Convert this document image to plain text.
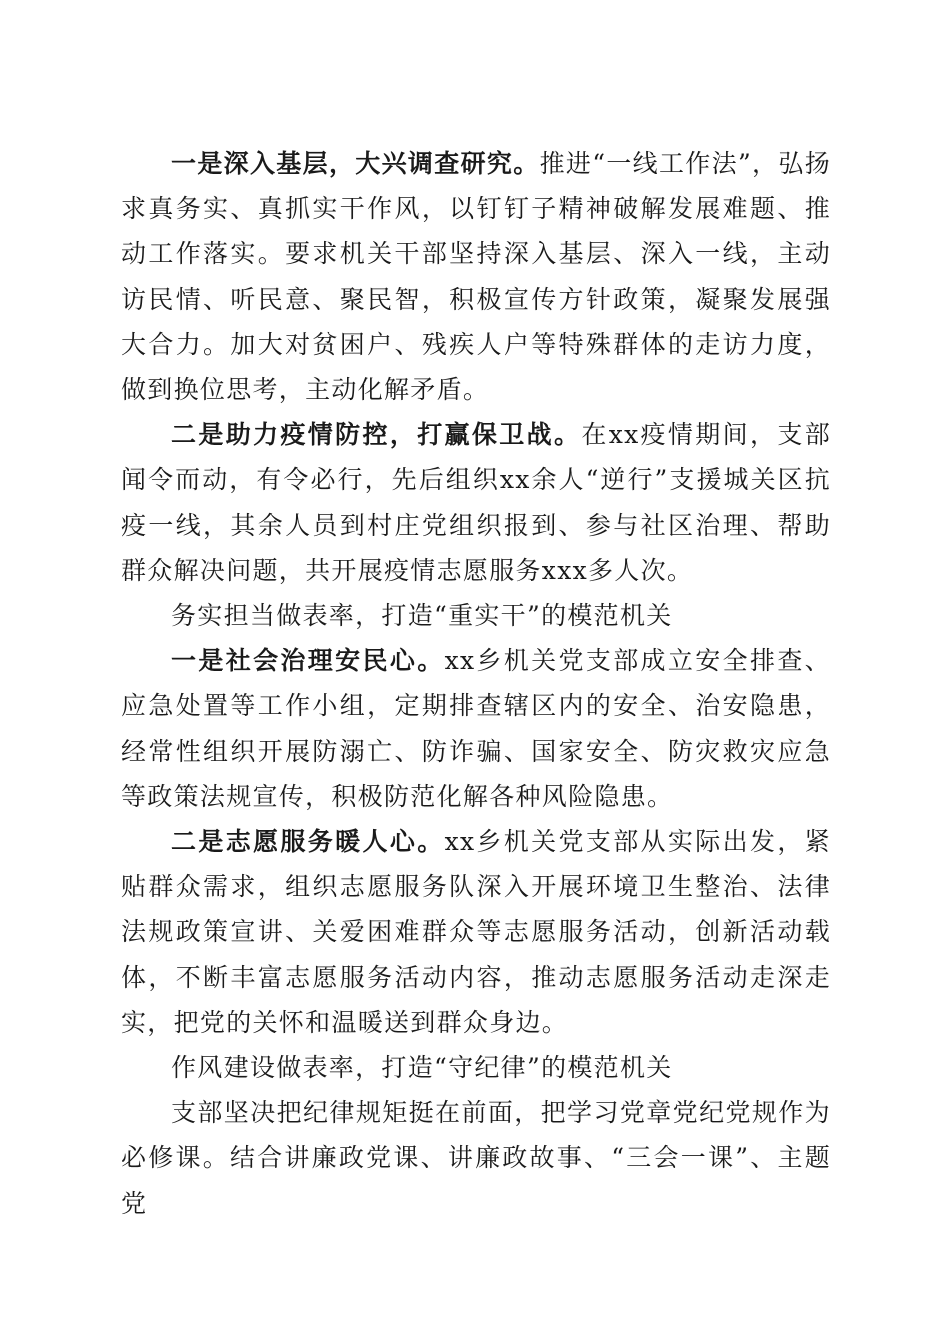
一是深入基层，大兴调查研究。推进“一线工作法”，弘扬求真务实、真抓实干作风，以钉钉子精神破解发展难题、推动工作落实。要求机关干部坚持深入基层、深入一线，主动访民情、听民意、聚民智，积极宣传方针政策，凝聚发展强大合力。加大对贫困户、残疾人户等特殊群体的走访力度，做到换位思考，主动化解矛盾。

二是助力疫情防控，打赢保卫战。在xx疫情期间，支部闻令而动，有令必行，先后组织xx余人“逆行”支援城关区抗疫一线，其余人员到村庄党组织报到、参与社区治理、帮助群众解决问题，共开展疫情志愿服务xxx多人次。

务实担当做表率，打造“重实干”的模范机关

一是社会治理安民心。xx乡机关党支部成立安全排查、应急处置等工作小组，定期排查辖区内的安全、治安隐患，经常性组织开展防溺亡、防诈骗、国家安全、防灾救灾应急等政策法规宣传，积极防范化解各种风险隐患。

二是志愿服务暖人心。xx乡机关党支部从实际出发，紧贴群众需求，组织志愿服务队深入开展环境卫生整治、法律法规政策宣讲、关爱困难群众等志愿服务活动，创新活动载体，不断丰富志愿服务活动内容，推动志愿服务活动走深走实，把党的关怀和温暖送到群众身边。

作风建设做表率，打造“守纪律”的模范机关

支部坚决把纪律规矩挺在前面，把学习党章党纪党规作为必修课。结合讲廉政党课、讲廉政故事、“三会一课”、主题党
